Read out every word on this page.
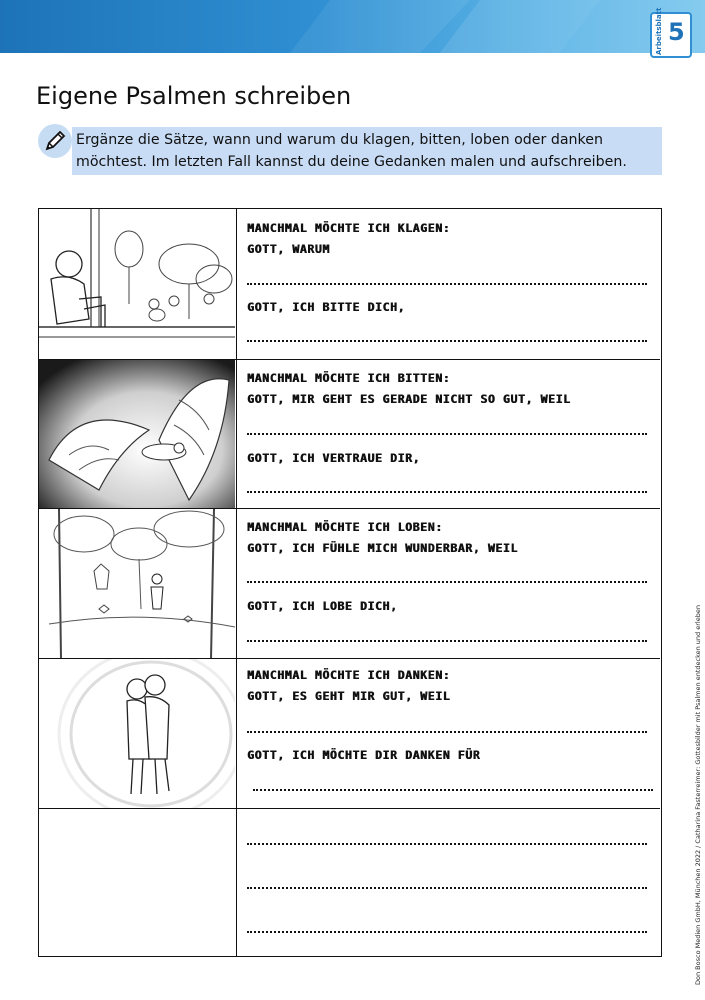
Arbeitsblatt 5
Eigene Psalmen schreiben
Ergänze die Sätze, wann und warum du klagen, bitten, loben oder danken möchtest. Im letzten Fall kannst du deine Gedanken malen und aufschreiben.
MANCHMAL MÖCHTE ICH KLAGEN:
GOTT, WARUM
GOTT, ICH BITTE DICH,
MANCHMAL MÖCHTE ICH BITTEN:
GOTT, MIR GEHT ES GERADE NICHT SO GUT, WEIL
GOTT, ICH VERTRAUE DIR,
MANCHMAL MÖCHTE ICH LOBEN:
GOTT, ICH FÜHLE MICH WUNDERBAR, WEIL
GOTT, ICH LOBE DICH,
MANCHMAL MÖCHTE ICH DANKEN:
GOTT, ES GEHT MIR GUT, WEIL
GOTT, ICH MÖCHTE DIR DANKEN FÜR	Don Bosco Medien GmbH, München 2022 / Catharina Fasterreimer: Gottesbilder mit Psalmen entdecken und erleben
